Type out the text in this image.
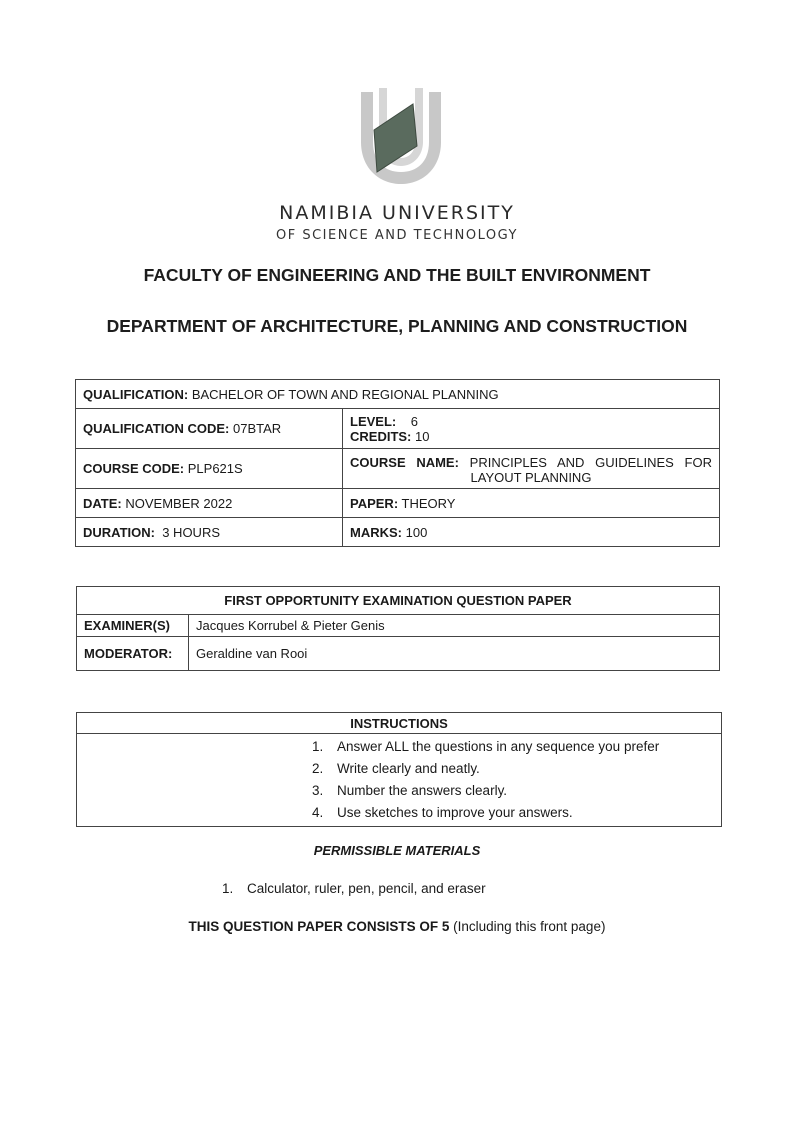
NAMIBIA UNIVERSITY
OF SCIENCE AND TECHNOLOGY
FACULTY OF ENGINEERING AND THE BUILT ENVIRONMENT
DEPARTMENT OF ARCHITECTURE, PLANNING AND CONSTRUCTION
QUALIFICATION: BACHELOR OF TOWN AND REGIONAL PLANNING	
QUALIFICATION CODE: 07BTAR	LEVEL: 6
CREDITS: 10

COURSE CODE: PLP621S	COURSE NAME: PRINCIPLES AND GUIDELINES FOR
LAYOUT PLANNING

DATE: NOVEMBER 2022	PAPER: THEORY
DURATION: 3 HOURS	MARKS: 100
FIRST OPPORTUNITY EXAMINATION QUESTION PAPER	
EXAMINER(S)	Jacques Korrubel & Pieter Genis
MODERATOR:	Geraldine van Rooi
INSTRUCTIONS

1. Answer ALL the questions in any sequence you prefer
2. Write clearly and neatly.
3. Number the answers clearly.
4. Use sketches to improve your answers.
PERMISSIBLE MATERIALS
1. Calculator, ruler, pen, pencil, and eraser
THIS QUESTION PAPER CONSISTS OF 5 (Including this front page)
